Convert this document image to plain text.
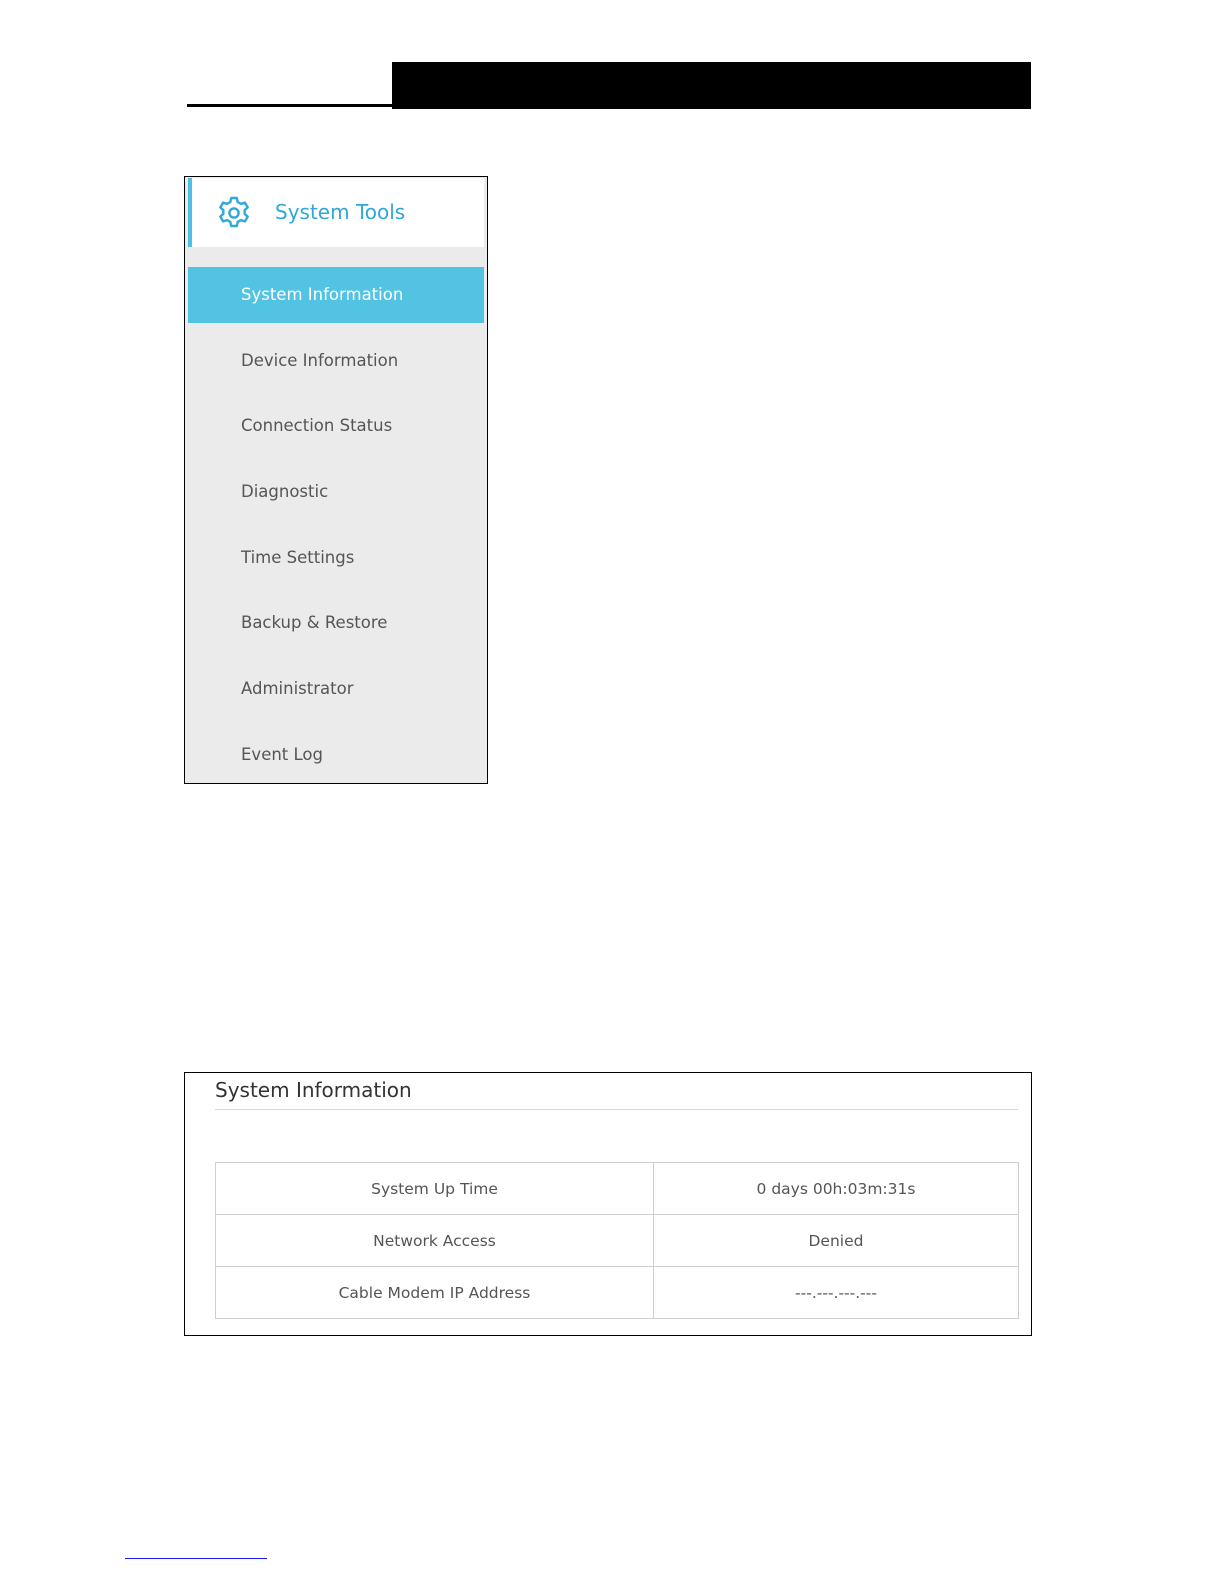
System Tools
System Information
Device Information
Connection Status
Diagnostic
Time Settings
Backup & Restore
Administrator
Event Log
System Information
System Up Time	0 days 00h:03m:31s
Network Access	Denied
Cable Modem IP Address	---.---.---.---
